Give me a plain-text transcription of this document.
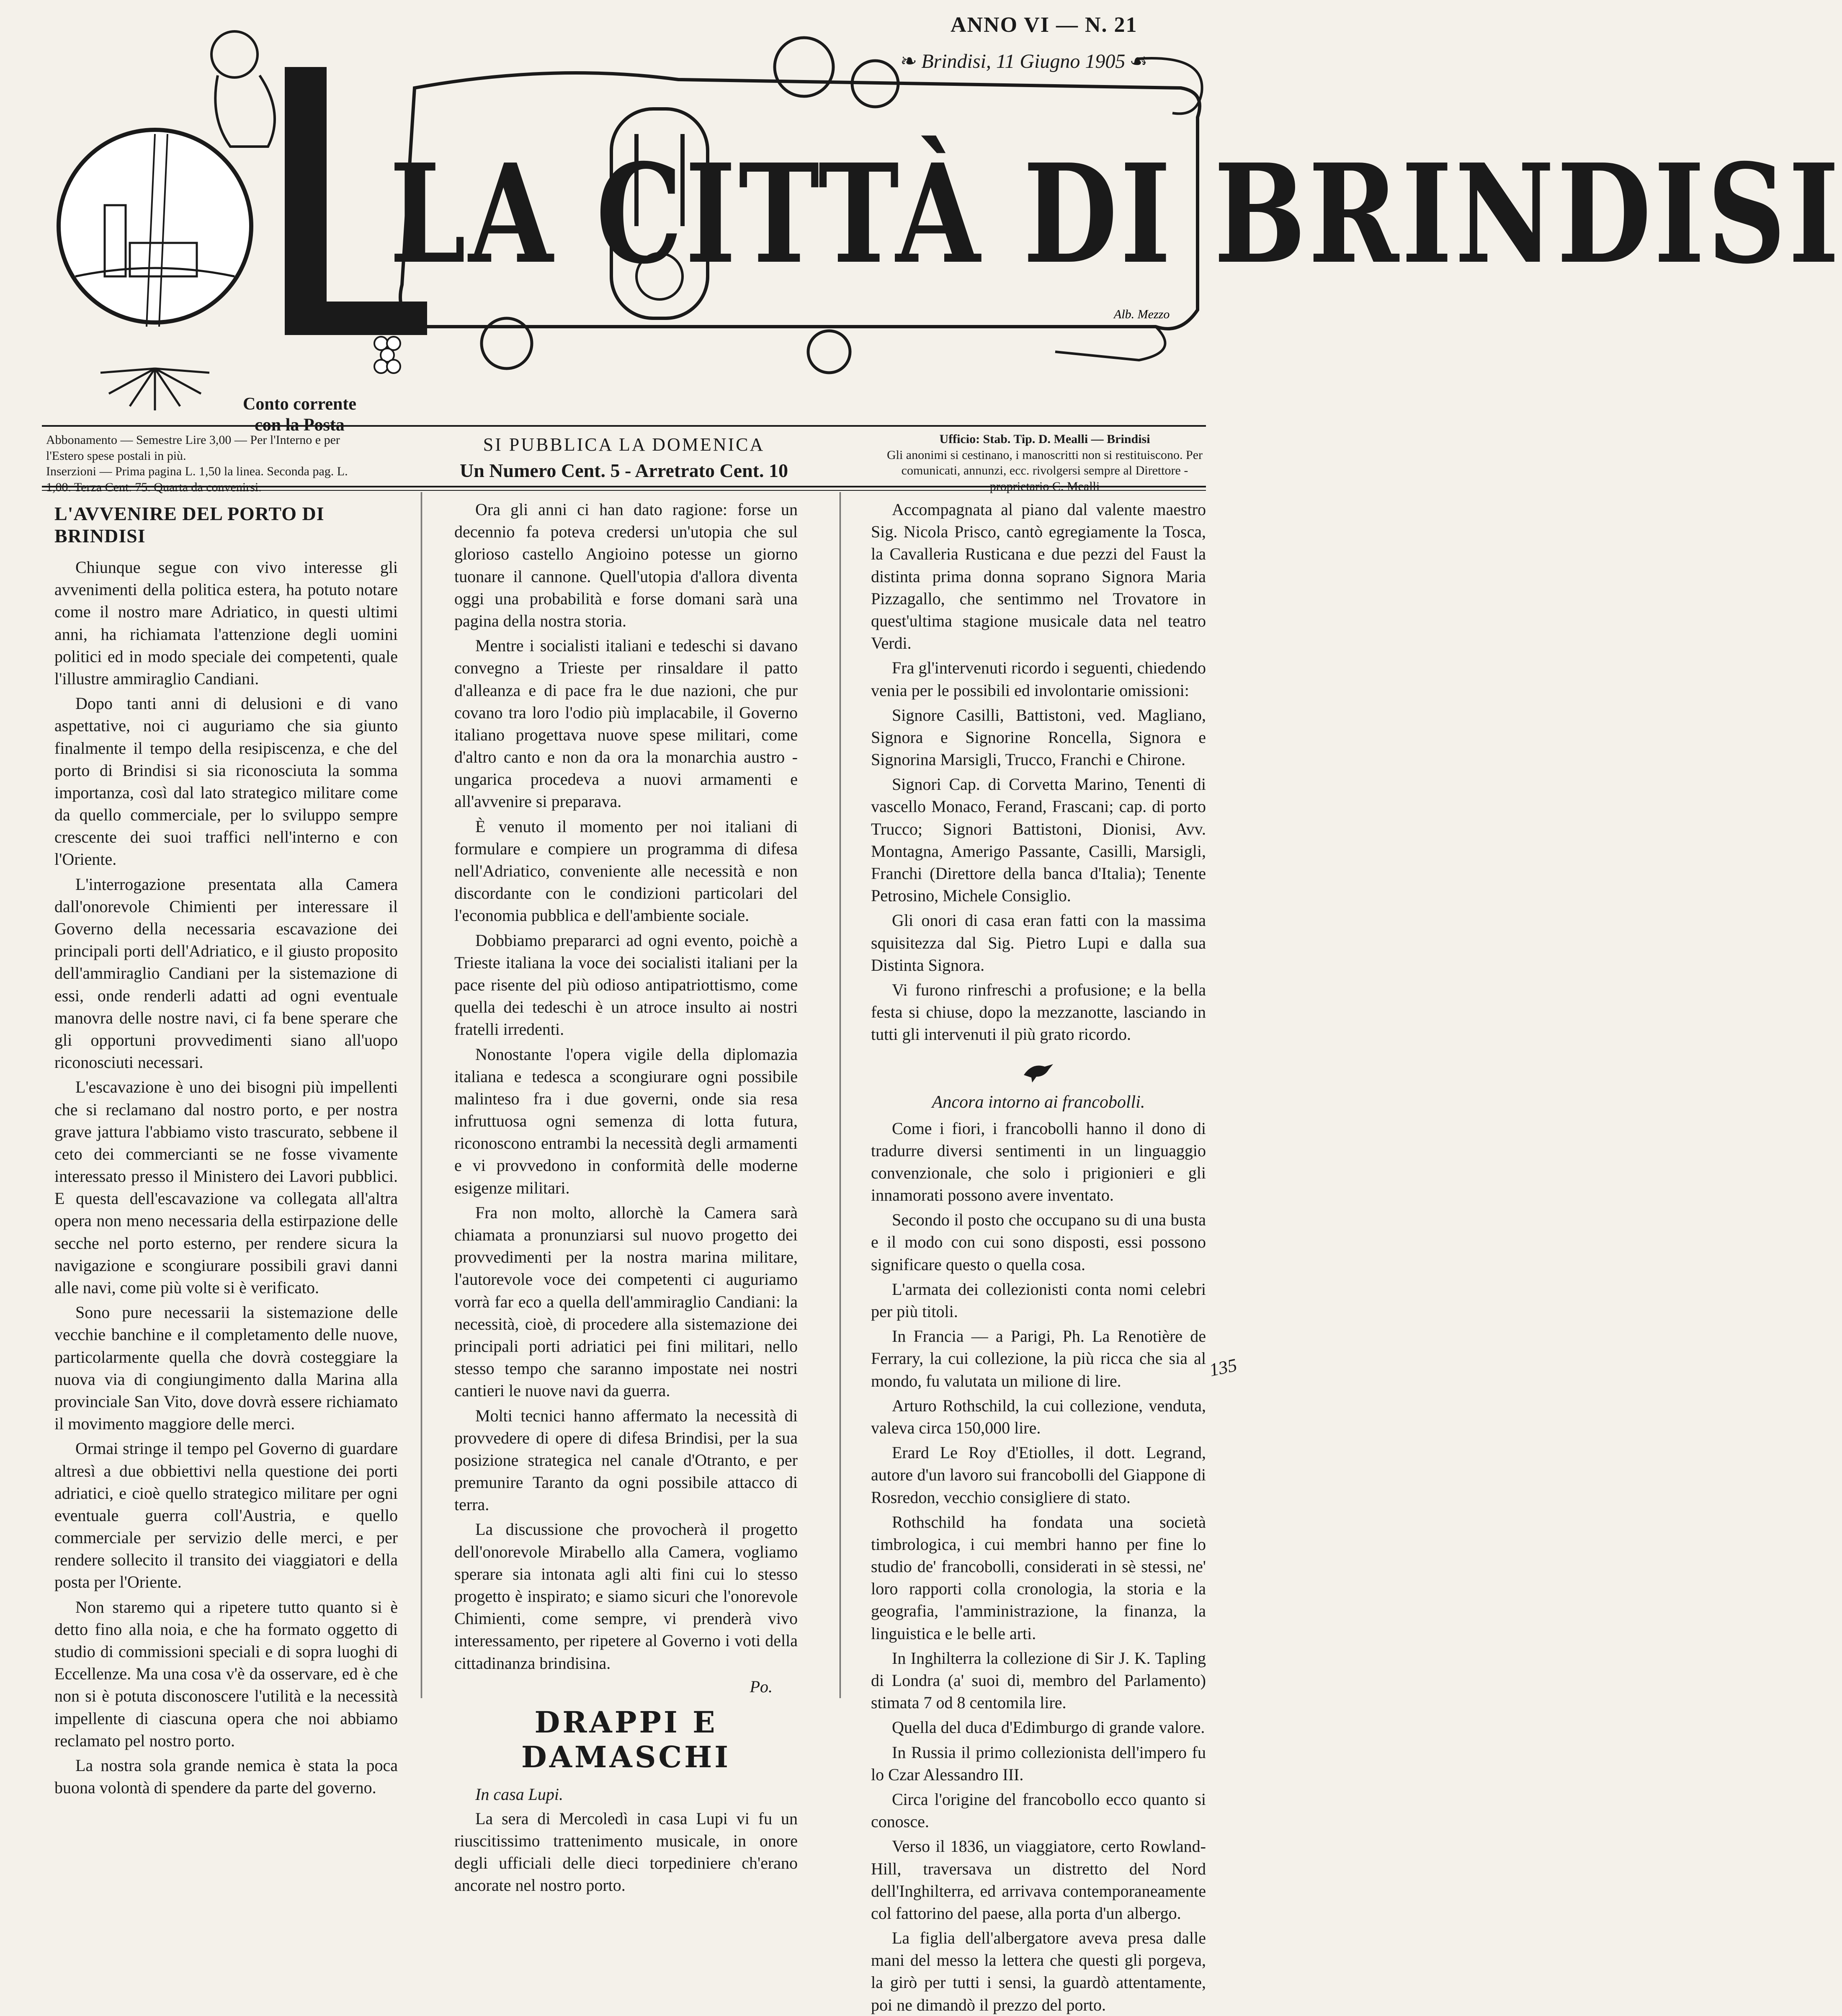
ANNO VI — N. 21
❧ Brindisi, 11 Giugno 1905 ☙
Alb. Mezzo
LA CITTÀ DI BRINDISI
Conto corrente
con la Posta
Abbonamento — Semestre Lire 3,00 — Per l'Interno e per l'Estero spese postali in più.
Inserzioni — Prima pagina L. 1,50 la linea. Seconda pag. L. 1,00. Terza Cent. 75. Quarta da convenirsi.
SI PUBBLICA LA DOMENICA
Un Numero Cent. 5 - Arretrato Cent. 10
Ufficio: Stab. Tip. D. Mealli — Brindisi
Gli anonimi si cestinano, i manoscritti non si restituiscono. Per comunicati, annunzi, ecc. rivolgersi sempre al Direttore - proprietario C. Mealli
L'AVVENIRE DEL PORTO DI BRINDISI

Chiunque segue con vivo interesse gli avvenimenti della politica estera, ha potuto notare come il nostro mare Adriatico, in questi ultimi anni, ha richiamata l'attenzione degli uomini politici ed in modo speciale dei competenti, quale l'illustre ammiraglio Candiani.

Dopo tanti anni di delusioni e di vano aspettative, noi ci auguriamo che sia giunto finalmente il tempo della resipiscenza, e che del porto di Brindisi si sia riconosciuta la somma importanza, così dal lato strategico militare come da quello commerciale, per lo sviluppo sempre crescente dei suoi traffici nell'interno e con l'Oriente.

L'interrogazione presentata alla Camera dall'onorevole Chimienti per interessare il Governo della necessaria escavazione dei principali porti dell'Adriatico, e il giusto proposito dell'ammiraglio Candiani per la sistemazione di essi, onde renderli adatti ad ogni eventuale manovra delle nostre navi, ci fa bene sperare che gli opportuni provvedimenti siano all'uopo riconosciuti necessari.

L'escavazione è uno dei bisogni più impellenti che si reclamano dal nostro porto, e per nostra grave jattura l'abbiamo visto trascurato, sebbene il ceto dei commercianti se ne fosse vivamente interessato presso il Ministero dei Lavori pubblici. E questa dell'escavazione va collegata all'altra opera non meno necessaria della estirpazione delle secche nel porto esterno, per rendere sicura la navigazione e scongiurare possibili gravi danni alle navi, come più volte si è verificato.

Sono pure necessarii la sistemazione delle vecchie banchine e il completamento delle nuove, particolarmente quella che dovrà costeggiare la nuova via di congiungimento dalla Marina alla provinciale San Vito, dove dovrà essere richiamato il movimento maggiore delle merci.

Ormai stringe il tempo pel Governo di guardare altresì a due obbiettivi nella questione dei porti adriatici, e cioè quello strategico militare per ogni eventuale guerra coll'Austria, e quello commerciale per servizio delle merci, e per rendere sollecito il transito dei viaggiatori e della posta per l'Oriente.

Non staremo qui a ripetere tutto quanto si è detto fino alla noia, e che ha formato oggetto di studio di commissioni speciali e di sopra luoghi di Eccellenze. Ma una cosa v'è da osservare, ed è che non si è potuta disconoscere l'utilità e la necessità impellente di ciascuna opera che noi abbiamo reclamato pel nostro porto.

La nostra sola grande nemica è stata la poca buona volontà di spendere da parte del governo.

Ora gli anni ci han dato ragione: forse un decennio fa poteva credersi un'utopia che sul glorioso castello Angioino potesse un giorno tuonare il cannone. Quell'utopia d'allora diventa oggi una probabilità e forse domani sarà una pagina della nostra storia.

Mentre i socialisti italiani e tedeschi si davano convegno a Trieste per rinsaldare il patto d'alleanza e di pace fra le due nazioni, che pur covano tra loro l'odio più implacabile, il Governo italiano progettava nuove spese militari, come d'altro canto e non da ora la monarchia austro - ungarica procedeva a nuovi armamenti e all'avvenire si preparava.

È venuto il momento per noi italiani di formulare e compiere un programma di difesa nell'Adriatico, conveniente alle necessità e non discordante con le condizioni particolari del l'economia pubblica e dell'ambiente sociale.

Dobbiamo prepararci ad ogni evento, poichè a Trieste italiana la voce dei socialisti italiani per la pace risente del più odioso antipatriottismo, come quella dei tedeschi è un atroce insulto ai nostri fratelli irredenti.

Nonostante l'opera vigile della diplomazia italiana e tedesca a scongiurare ogni possibile malinteso fra i due governi, onde sia resa infruttuosa ogni semenza di lotta futura, riconoscono entrambi la necessità degli armamenti e vi provvedono in conformità delle moderne esigenze militari.

Fra non molto, allorchè la Camera sarà chiamata a pronunziarsi sul nuovo progetto dei provvedimenti per la nostra marina militare, l'autorevole voce dei competenti ci auguriamo vorrà far eco a quella dell'ammiraglio Candiani: la necessità, cioè, di procedere alla sistemazione dei principali porti adriatici pei fini militari, nello stesso tempo che saranno impostate nei nostri cantieri le nuove navi da guerra.

Molti tecnici hanno affermato la necessità di provvedere di opere di difesa Brindisi, per la sua posizione strategica nel canale d'Otranto, e per premunire Taranto da ogni possibile attacco di terra.

La discussione che provocherà il progetto dell'onorevole Mirabello alla Camera, vogliamo sperare sia intonata agli alti fini cui lo stesso progetto è inspirato; e siamo sicuri che l'onorevole Chimienti, come sempre, vi prenderà vivo interessamento, per ripetere al Governo i voti della cittadinanza brindisina.

Po.
DRAPPI E DAMASCHI
In casa Lupi.

La sera di Mercoledì in casa Lupi vi fu un riuscitissimo trattenimento musicale, in onore degli ufficiali delle dieci torpediniere ch'erano ancorate nel nostro porto.

Accompagnata al piano dal valente maestro Sig. Nicola Prisco, cantò egregiamente la Tosca, la Cavalleria Rusticana e due pezzi del Faust la distinta prima donna soprano Signora Maria Pizzagallo, che sentimmo nel Trovatore in quest'ultima stagione musicale data nel teatro Verdi.

Fra gl'intervenuti ricordo i seguenti, chiedendo venia per le possibili ed involontarie omissioni:

Signore Casilli, Battistoni, ved. Magliano, Signora e Signorine Roncella, Signora e Signorina Marsigli, Trucco, Franchi e Chirone.

Signori Cap. di Corvetta Marino, Tenenti di vascello Monaco, Ferand, Frascani; cap. di porto Trucco; Signori Battistoni, Dionisi, Avv. Montagna, Amerigo Passante, Casilli, Marsigli, Franchi (Direttore della banca d'Italia); Tenente Petrosino, Michele Consiglio.

Gli onori di casa eran fatti con la massima squisitezza dal Sig. Pietro Lupi e dalla sua Distinta Signora.

Vi furono rinfreschi a profusione; e la bella festa si chiuse, dopo la mezzanotte, lasciando in tutti gli intervenuti il più grato ricordo.

Ancora intorno ai francobolli.

Come i fiori, i francobolli hanno il dono di tradurre diversi sentimenti in un linguaggio convenzionale, che solo i prigionieri e gli innamorati possono avere inventato.

Secondo il posto che occupano su di una busta e il modo con cui sono disposti, essi possono significare questo o quella cosa.

L'armata dei collezionisti conta nomi celebri per più titoli.

In Francia — a Parigi, Ph. La Renotière de Ferrary, la cui collezione, la più ricca che sia al mondo, fu valutata un milione di lire.

Arturo Rothschild, la cui collezione, venduta, valeva circa 150,000 lire.

Erard Le Roy d'Etiolles, il dott. Legrand, autore d'un lavoro sui francobolli del Giappone di Rosredon, vecchio consigliere di stato.

Rothschild ha fondata una società timbrologica, i cui membri hanno per fine lo studio de' francobolli, considerati in sè stessi, ne' loro rapporti colla cronologia, la storia e la geografia, l'amministrazione, la finanza, la linguistica e le belle arti.

In Inghilterra la collezione di Sir J. K. Tapling di Londra (a' suoi di, membro del Parlamento) stimata 7 od 8 centomila lire.

Quella del duca d'Edimburgo di grande valore.

In Russia il primo collezionista dell'impero fu lo Czar Alessandro III.

Circa l'origine del francobollo ecco quanto si conosce.

Verso il 1836, un viaggiatore, certo Rowland-Hill, traversava un distretto del Nord dell'Inghilterra, ed arrivava contemporaneamente col fattorino del paese, alla porta d'un albergo.

La figlia dell'albergatore aveva presa dalle mani del messo la lettera che questi gli porgeva, la girò per tutti i sensi, la guardò attentamente, poi ne dimandò il prezzo del porto.

135
